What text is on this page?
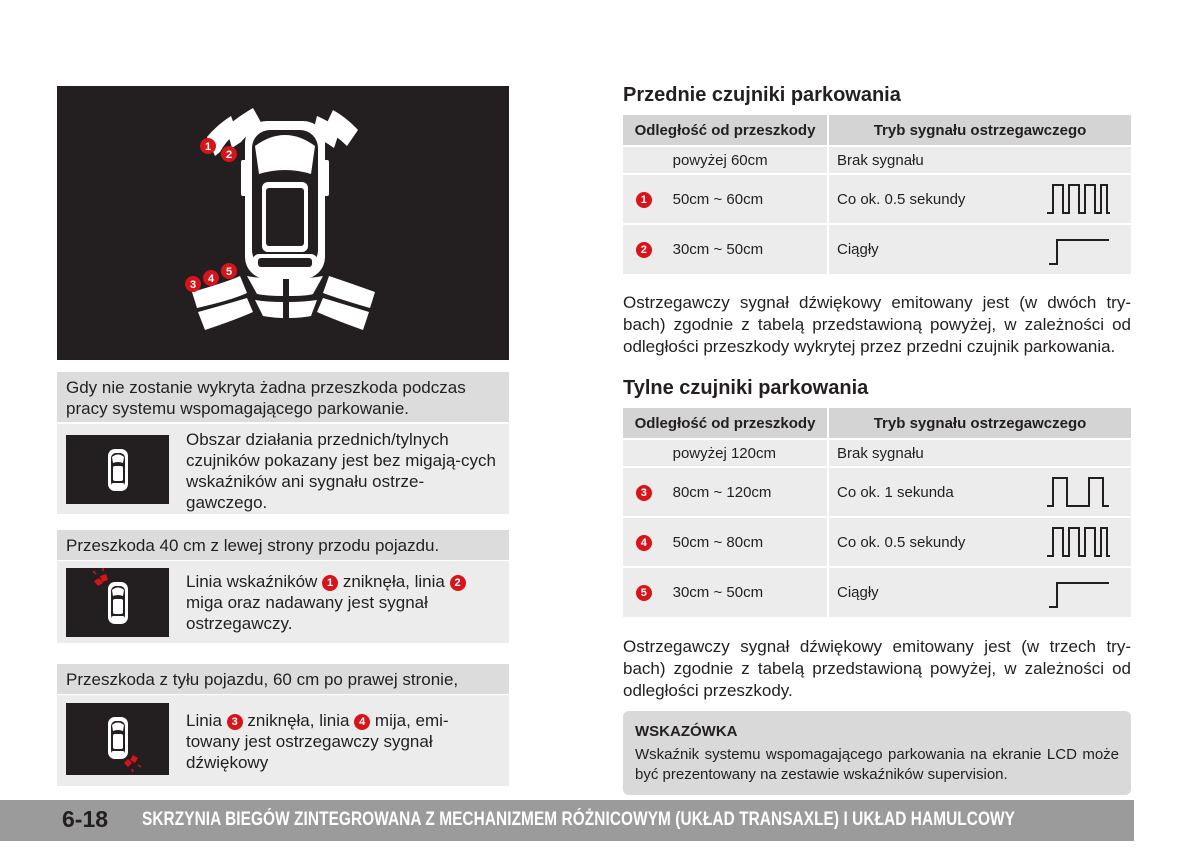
1
2
3 4
5
Gdy nie zostanie wykryta żadna przeszkoda podczas pracy systemu wspomagającego parkowanie.
Obszar działania przednich/tylnych czujników pokazany jest bez migają-cych wskaźników ani sygnału ostrze-gawczego.
Przeszkoda 40 cm z lewej strony przodu pojazdu.
Linia wskaźników 1 zniknęła, linia 2 miga oraz nadawany jest sygnał ostrzegawczy.
Przeszkoda z tyłu pojazdu, 60 cm po prawej stronie,
Linia 3 zniknęła, linia 4 mija, emi-towany jest ostrzegawczy sygnał dźwiękowy
Przednie czujniki parkowania
Odległość od przeszkody		Tryb sygnału ostrzegawczego
	powyżej 60cm	Brak sygnału

1	50cm ~ 60cm	Co ok. 0.5 sekundy

2	30cm ~ 50cm	Ciągły
Ostrzegawczy sygnał dźwiękowy emitowany jest (w dwóch try-bach) zgodnie z tabelą przedstawioną powyżej, w zależności od odległości przeszkody wykrytej przez przedni czujnik parkowania.
Tylne czujniki parkowania
Odległość od przeszkody		Tryb sygnału ostrzegawczego
	powyżej 120cm	Brak sygnału

3	80cm ~ 120cm	Co ok. 1 sekunda

4	50cm ~ 80cm	Co ok. 0.5 sekundy

5	30cm ~ 50cm	Ciągły
Ostrzegawczy sygnał dźwiękowy emitowany jest (w trzech try-bach) zgodnie z tabelą przedstawioną powyżej, w zależności od odległości przeszkody.
WSKAZÓWKA
Wskaźnik systemu wspomagającego parkowania na ekranie LCD może być prezentowany na zestawie wskaźników supervision.
6-18 SKRZYNIA BIEGÓW ZINTEGROWANA Z MECHANIZMEM RÓŻNICOWYM (UKŁAD TRANSAXLE) I UKŁAD HAMULCOWY
